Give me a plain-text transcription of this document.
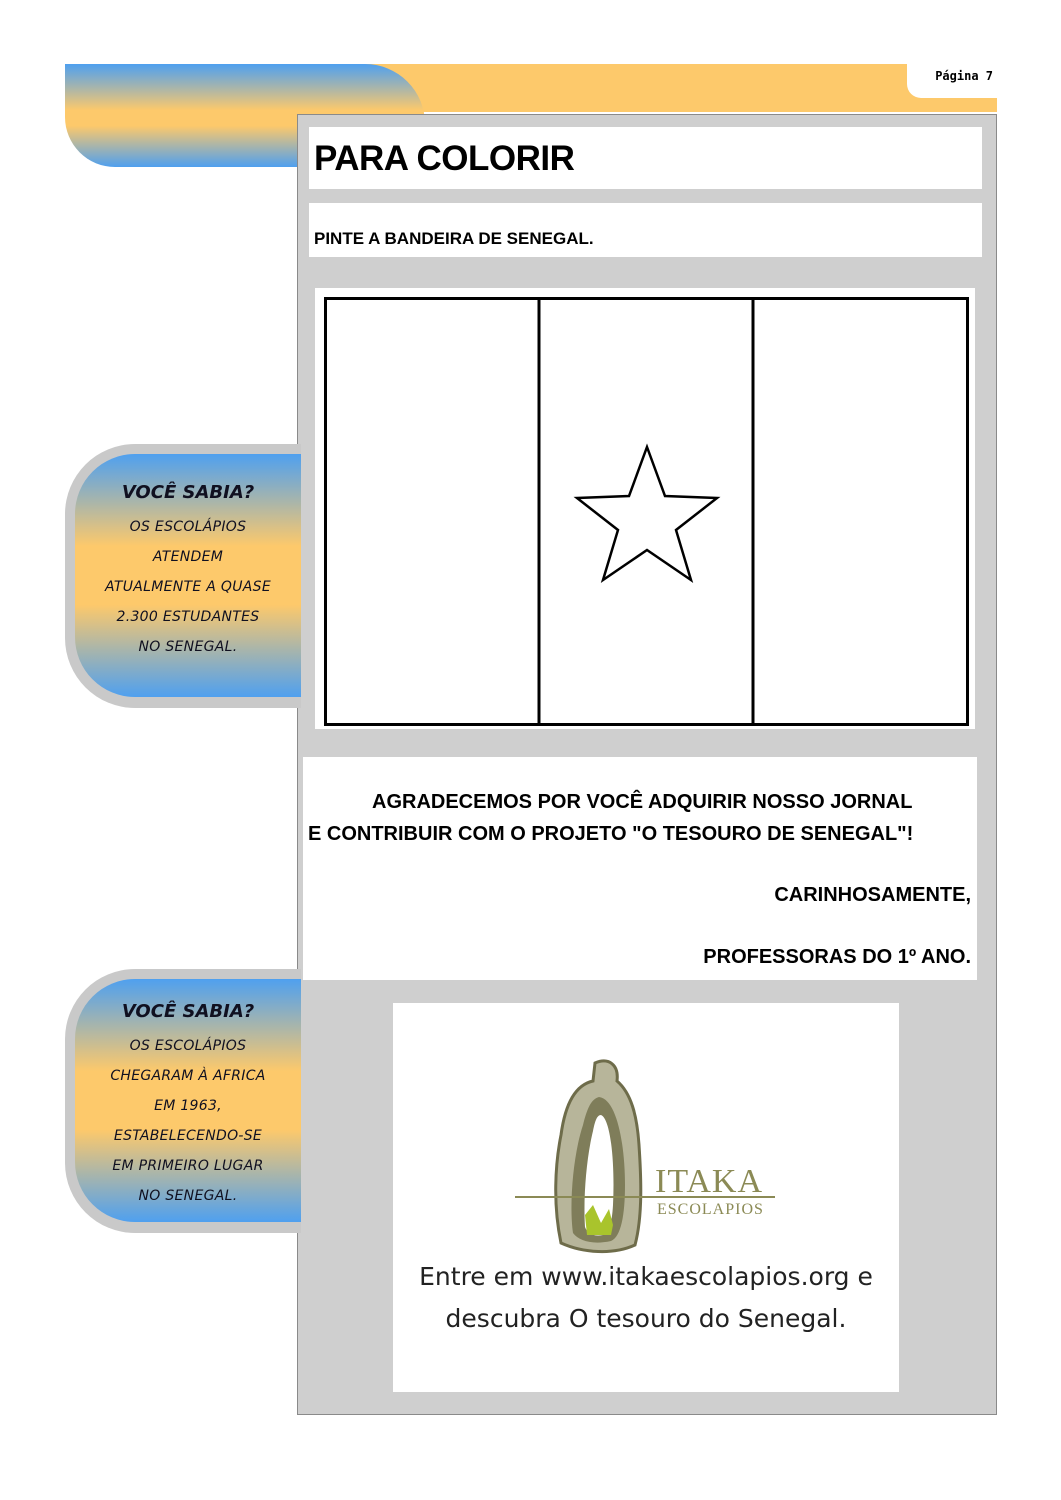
Página 7
PARA COLORIR
PINTE A BANDEIRA DE SENEGAL.
AGRADECEMOS POR VOCÊ ADQUIRIR NOSSO JORNAL
E CONTRIBUIR COM O PROJETO "O TESOURO DE SENEGAL"!
CARINHOSAMENTE,
PROFESSORAS DO 1º ANO.
ITAKA
ESCOLAPIOS
Entre em www.itakaescolapios.org e
descubra O tesouro do Senegal.
VOCÊ SABIA?
OS ESCOLÁPIOS
ATENDEM
ATUALMENTE A QUASE
2.300 ESTUDANTES
NO SENEGAL.
VOCÊ SABIA?
OS ESCOLÁPIOS
CHEGARAM À AFRICA
EM 1963,
ESTABELECENDO-SE
EM PRIMEIRO LUGAR
NO SENEGAL.
